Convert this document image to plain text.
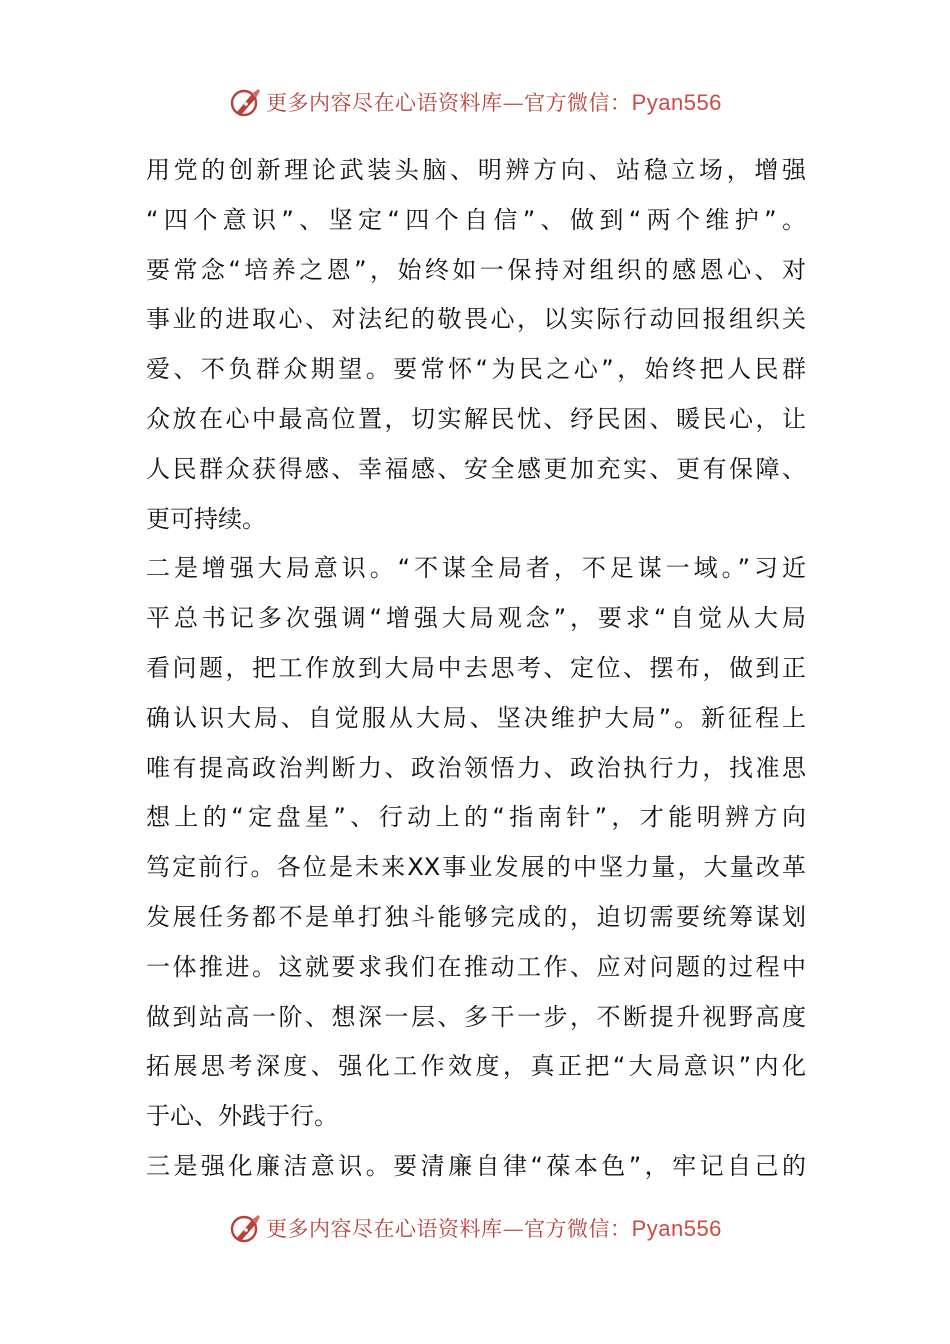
更多内容尽在心语资料库—官方微信：Pyan556
用党的创新理论武装头脑、明辨方向、站稳立场，增强
“四个意识”、坚定“四个自信”、做到“两个维护”。
要常念“培养之恩”，始终如一保持对组织的感恩心、对
事业的进取心、对法纪的敬畏心，以实际行动回报组织关
爱、不负群众期望。要常怀“为民之心”，始终把人民群
众放在心中最高位置，切实解民忧、纾民困、暖民心，让
人民群众获得感、幸福感、安全感更加充实、更有保障、
更可持续。
二是增强大局意识。“不谋全局者，不足谋一域。”习近
平总书记多次强调“增强大局观念”，要求“自觉从大局
看问题，把工作放到大局中去思考、定位、摆布，做到正
确认识大局、自觉服从大局、坚决维护大局”。新征程上
唯有提高政治判断力、政治领悟力、政治执行力，找准思
想上的“定盘星”、行动上的“指南针”，才能明辨方向
笃定前行。各位是未来XX事业发展的中坚力量，大量改革
发展任务都不是单打独斗能够完成的，迫切需要统筹谋划
一体推进。这就要求我们在推动工作、应对问题的过程中
做到站高一阶、想深一层、多干一步，不断提升视野高度
拓展思考深度、强化工作效度，真正把“大局意识”内化
于心、外践于行。
三是强化廉洁意识。要清廉自律“葆本色”，牢记自己的
更多内容尽在心语资料库—官方微信：Pyan556
